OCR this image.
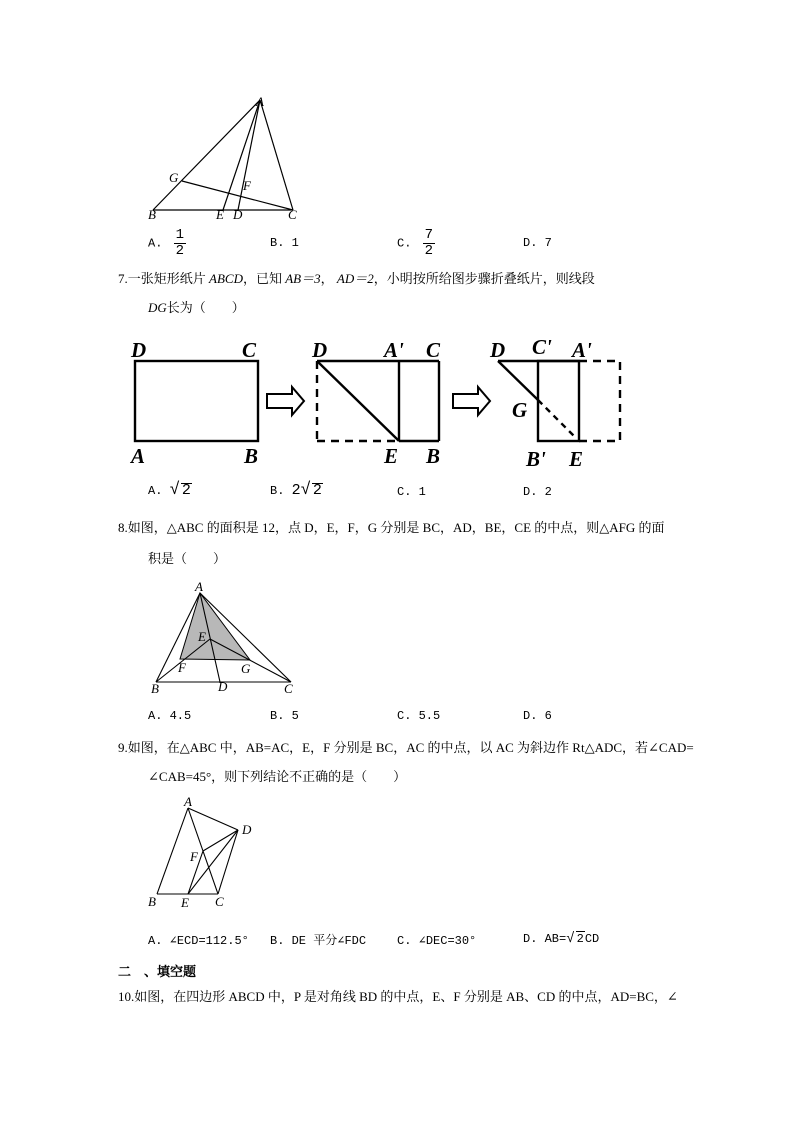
A
G
F
B	E D	C
A. $\frac{1}{2}$	B. 1	C. $\frac{7}{2}$	D. 7
7.一张矩形纸片 ABCD，已知 AB＝3， AD＝2，小明按所给图步骤折叠纸片，则线段
DG长为（　　）
D	C
A	B
D	A' C
E B
D C' A'
G
B' E
A. √ 2	B. 2√ 2	C. 1	D. 2
8.如图，△ABC 的面积是 12，点 D，E，F，G 分别是 BC，AD，BE，CE 的中点，则△AFG 的面
积是（　　）
A
E
F	G
B	D	C
A. 4.5	B. 5	C. 5.5	D. 6
9.如图，在△ABC 中，AB=AC，E，F 分别是 BC，AC 的中点，以 AC 为斜边作 Rt△ADC，若∠CAD=
∠CAB=45°，则下列结论不正确的是（　　）
A
D
F
B E C
A. ∠ECD=112.5° B. DE 平分∠FDC	C. ∠DEC=30°	D. AB=√ 2CD
二　、填空题
10.如图，在四边形 ABCD 中，P 是对角线 BD 的中点，E、F 分别是 AB、CD 的中点，AD=BC，∠
